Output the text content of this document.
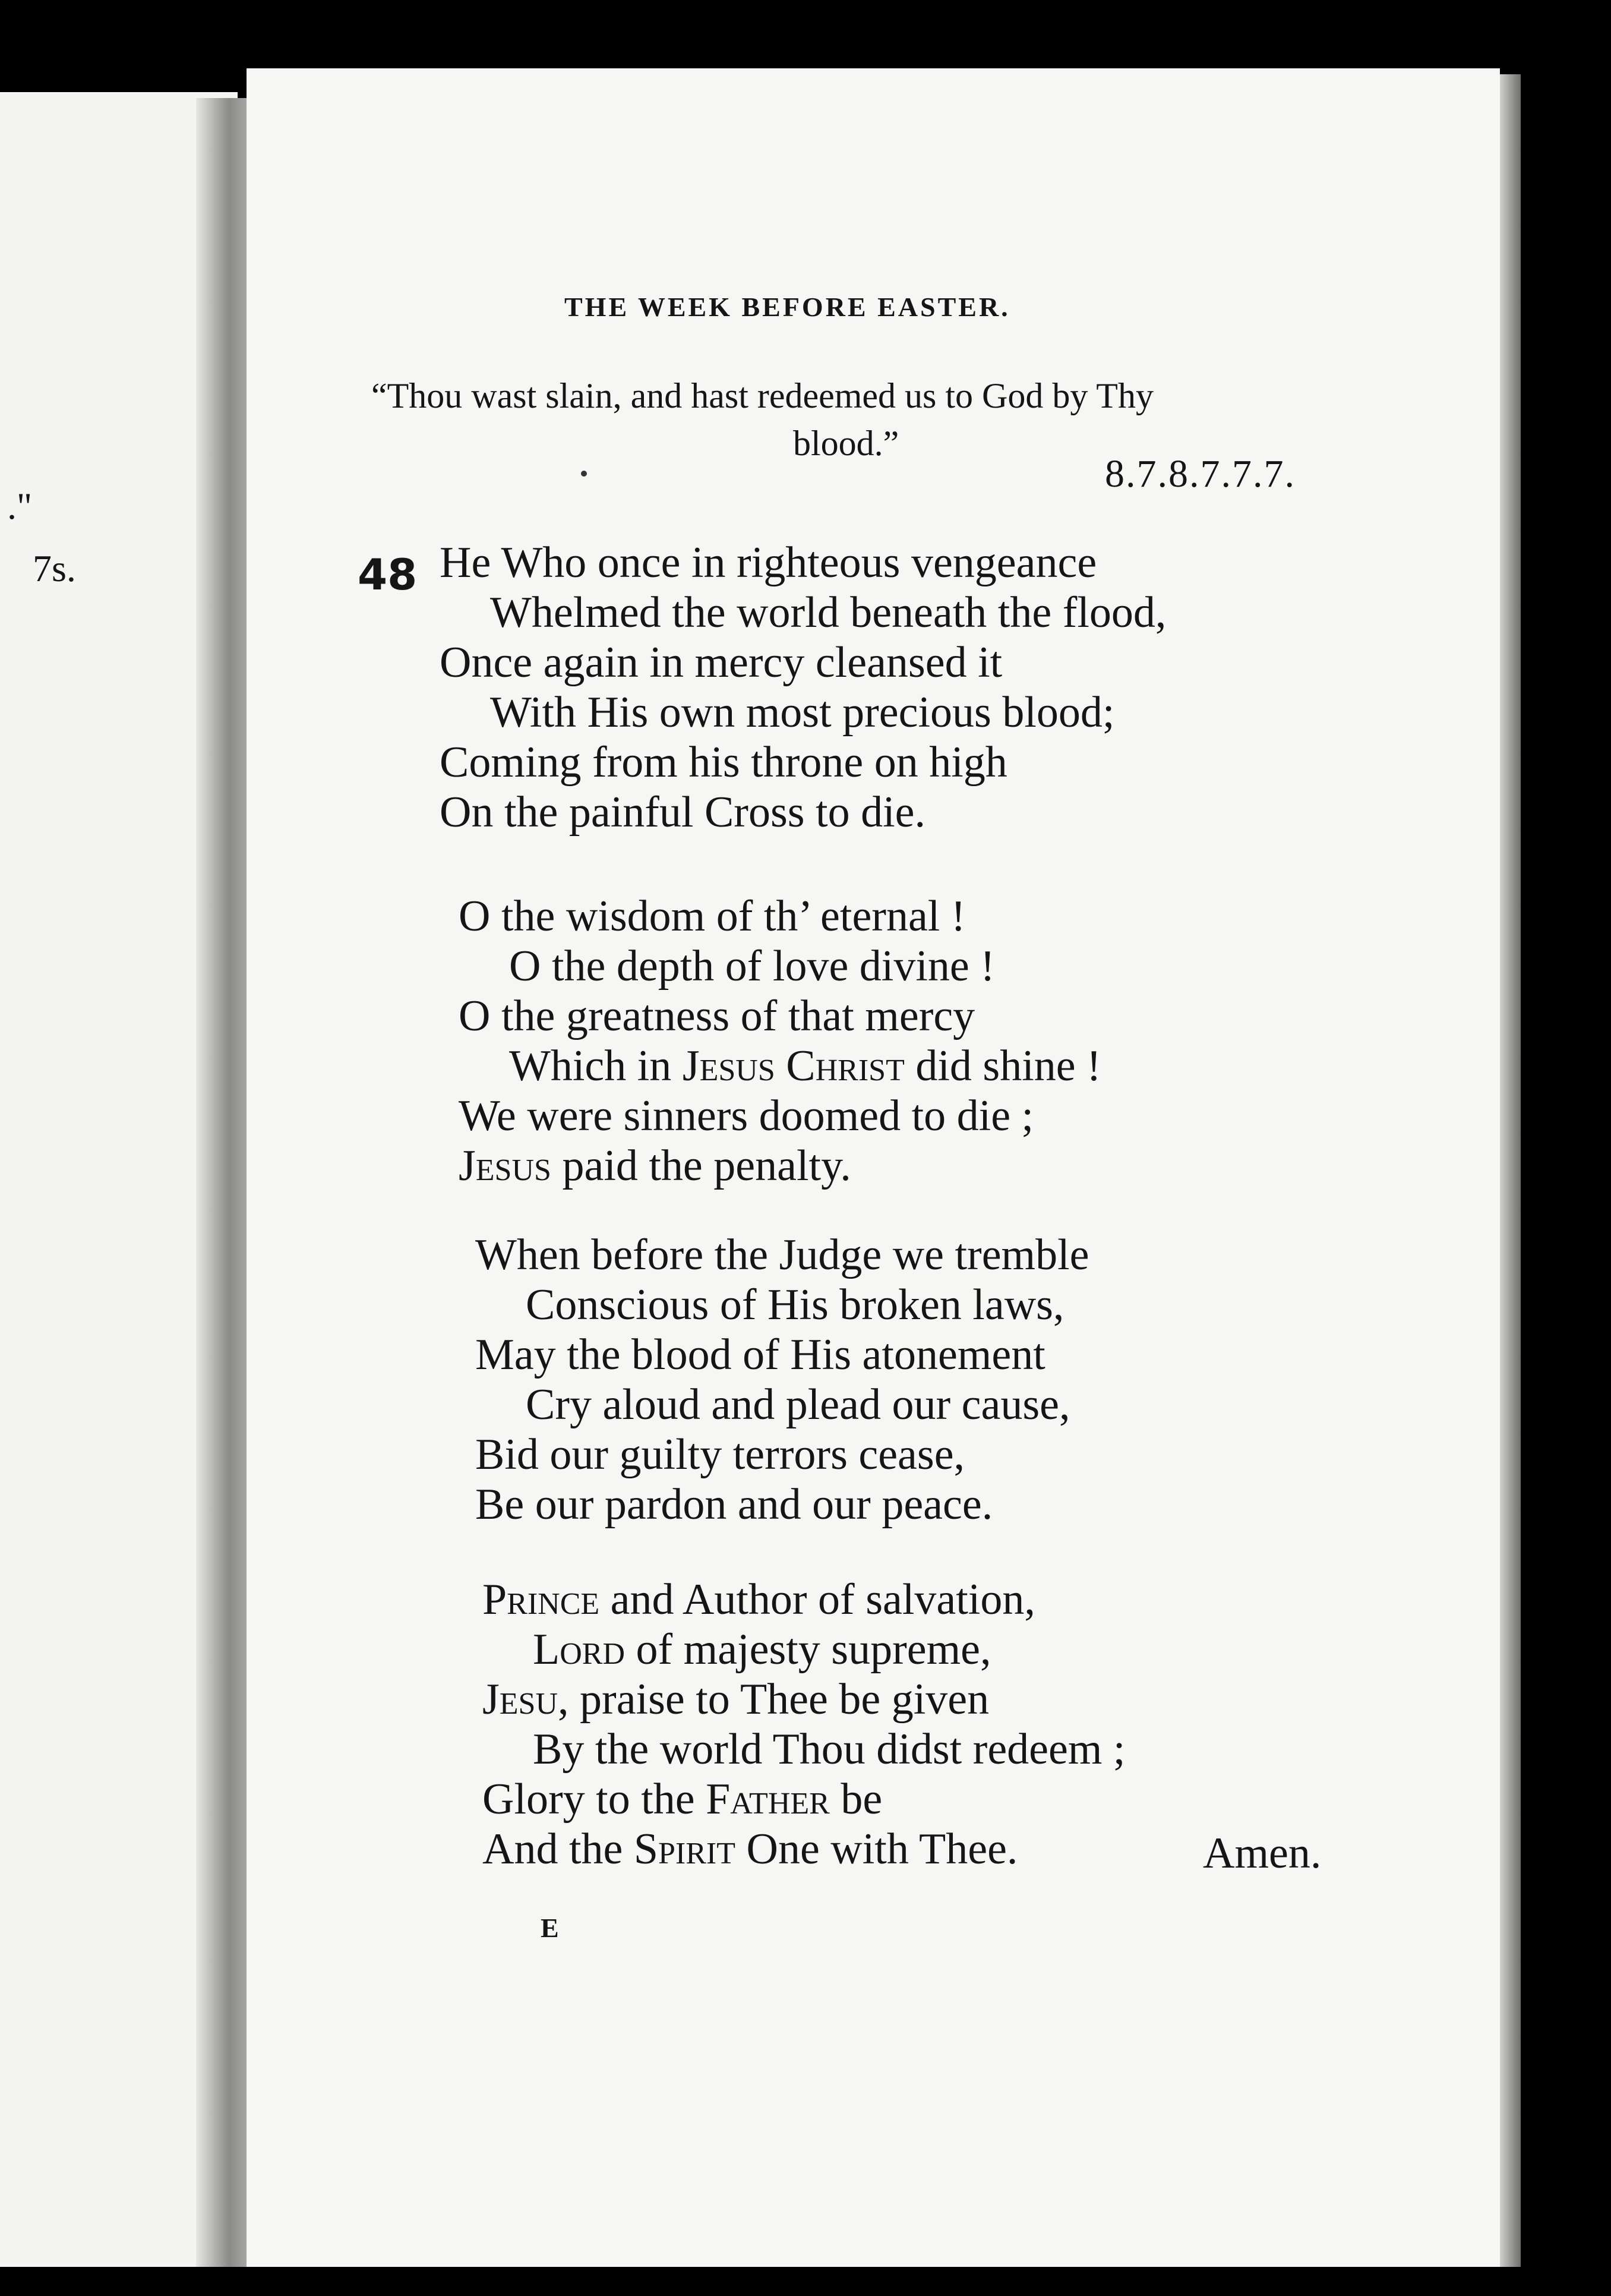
."
7s.
THE WEEK BEFORE EASTER.
“Thou wast slain, and hast redeemed us to God by Thy
blood.”
8.7.8.7.7.7.
48 He Who once in righteous vengeance
Whelmed the world beneath the flood,
Once again in mercy cleansed it
With His own most precious blood;
Coming from his throne on high
On the painful Cross to die.
O the wisdom of th’ eternal !
O the depth of love divine !
O the greatness of that mercy
Which in Jesus Christ did shine !
We were sinners doomed to die ;
Jesus paid the penalty.
When before the Judge we tremble
Conscious of His broken laws,
May the blood of His atonement
Cry aloud and plead our cause,
Bid our guilty terrors cease,
Be our pardon and our peace.
Prince and Author of salvation,
Lord of majesty supreme,
Jesu, praise to Thee be given
By the world Thou didst redeem ;
Glory to the Father be
And the Spirit One with Thee.	Amen.
E
